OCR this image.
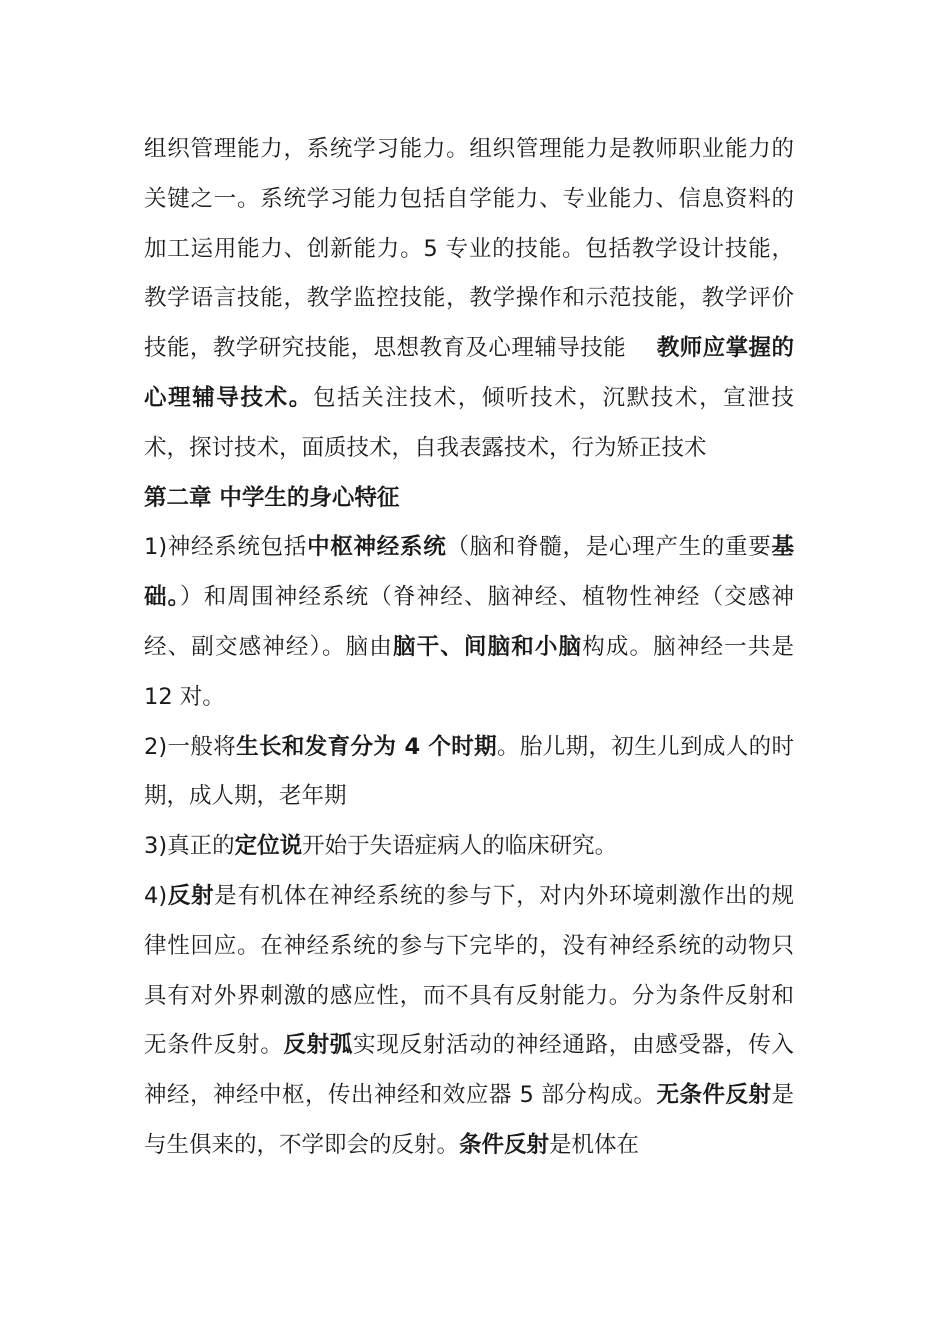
组织管理能力，系统学习能力。组织管理能力是教师职业能力的关键之一。系统学习能力包括自学能力、专业能力、信息资料的加工运用能力、创新能力。5 专业的技能。包括教学设计技能，教学语言技能，教学监控技能，教学操作和示范技能，教学评价技能，教学研究技能，思想教育及心理辅导技能 　教师应掌握的心理辅导技术。包括关注技术，倾听技术，沉默技术，宣泄技术，探讨技术，面质技术，自我表露技术，行为矫正技术

第二章 中学生的身心特征

1)神经系统包括中枢神经系统（脑和脊髓，是心理产生的重要基础。）和周围神经系统（脊神经、脑神经、植物性神经（交感神经、副交感神经）。脑由脑干、间脑和小脑构成。脑神经一共是 12 对。

2)一般将生长和发育分为 4 个时期。胎儿期，初生儿到成人的时期，成人期，老年期

3)真正的定位说开始于失语症病人的临床研究。

4)反射是有机体在神经系统的参与下，对内外环境刺激作出的规律性回应。在神经系统的参与下完毕的，没有神经系统的动物只具有对外界刺激的感应性，而不具有反射能力。分为条件反射和无条件反射。反射弧实现反射活动的神经通路，由感受器，传入神经，神经中枢，传出神经和效应器 5 部分构成。无条件反射是与生俱来的，不学即会的反射。条件反射是机体在
